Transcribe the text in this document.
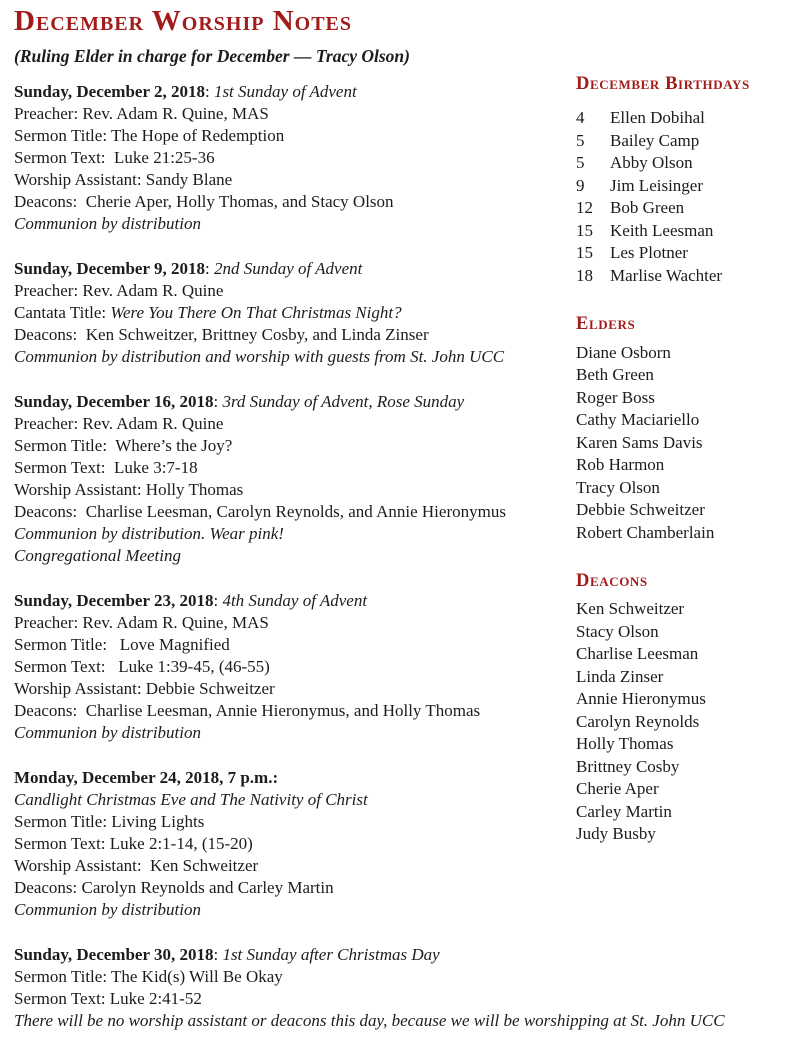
December Worship Notes
(Ruling Elder in charge for December — Tracy Olson)
Sunday, December 2, 2018: 1st Sunday of Advent
Preacher: Rev. Adam R. Quine, MAS
Sermon Title: The Hope of Redemption
Sermon Text:  Luke 21:25-36
Worship Assistant: Sandy Blane
Deacons:  Cherie Aper, Holly Thomas, and Stacy Olson
Communion by distribution
Sunday, December 9, 2018: 2nd Sunday of Advent
Preacher: Rev. Adam R. Quine
Cantata Title: Were You There On That Christmas Night?
Deacons:  Ken Schweitzer, Brittney Cosby, and Linda Zinser
Communion by distribution and worship with guests from St. John UCC
Sunday, December 16, 2018: 3rd Sunday of Advent, Rose Sunday
Preacher: Rev. Adam R. Quine
Sermon Title:  Where’s the Joy?
Sermon Text:  Luke 3:7-18
Worship Assistant: Holly Thomas
Deacons:  Charlise Leesman, Carolyn Reynolds, and Annie Hieronymus
Communion by distribution. Wear pink!
Congregational Meeting
Sunday, December 23, 2018: 4th Sunday of Advent
Preacher: Rev. Adam R. Quine, MAS
Sermon Title:   Love Magnified
Sermon Text:   Luke 1:39-45, (46-55)
Worship Assistant: Debbie Schweitzer
Deacons:  Charlise Leesman, Annie Hieronymus, and Holly Thomas
Communion by distribution
Monday, December 24, 2018, 7 p.m.:
Candlight Christmas Eve and The Nativity of Christ
Sermon Title: Living Lights
Sermon Text: Luke 2:1-14, (15-20)
Worship Assistant:  Ken Schweitzer
Deacons: Carolyn Reynolds and Carley Martin
Communion by distribution
Sunday, December 30, 2018: 1st Sunday after Christmas Day
Sermon Title: The Kid(s) Will Be Okay
Sermon Text: Luke 2:41-52
There will be no worship assistant or deacons this day, because we will be worshipping at St. John UCC
December Birthdays
4	Ellen Dobihal
5	Bailey Camp
5	Abby Olson
9	Jim Leisinger
12	Bob Green
15	Keith Leesman
15	Les Plotner
18	Marlise Wachter
Elders
Diane Osborn
Beth Green
Roger Boss
Cathy Maciariello
Karen Sams Davis
Rob Harmon
Tracy Olson
Debbie Schweitzer
Robert Chamberlain
Deacons
Ken Schweitzer
Stacy Olson
Charlise Leesman
Linda Zinser
Annie Hieronymus
Carolyn Reynolds
Holly Thomas
Brittney Cosby
Cherie Aper
Carley Martin
Judy Busby
